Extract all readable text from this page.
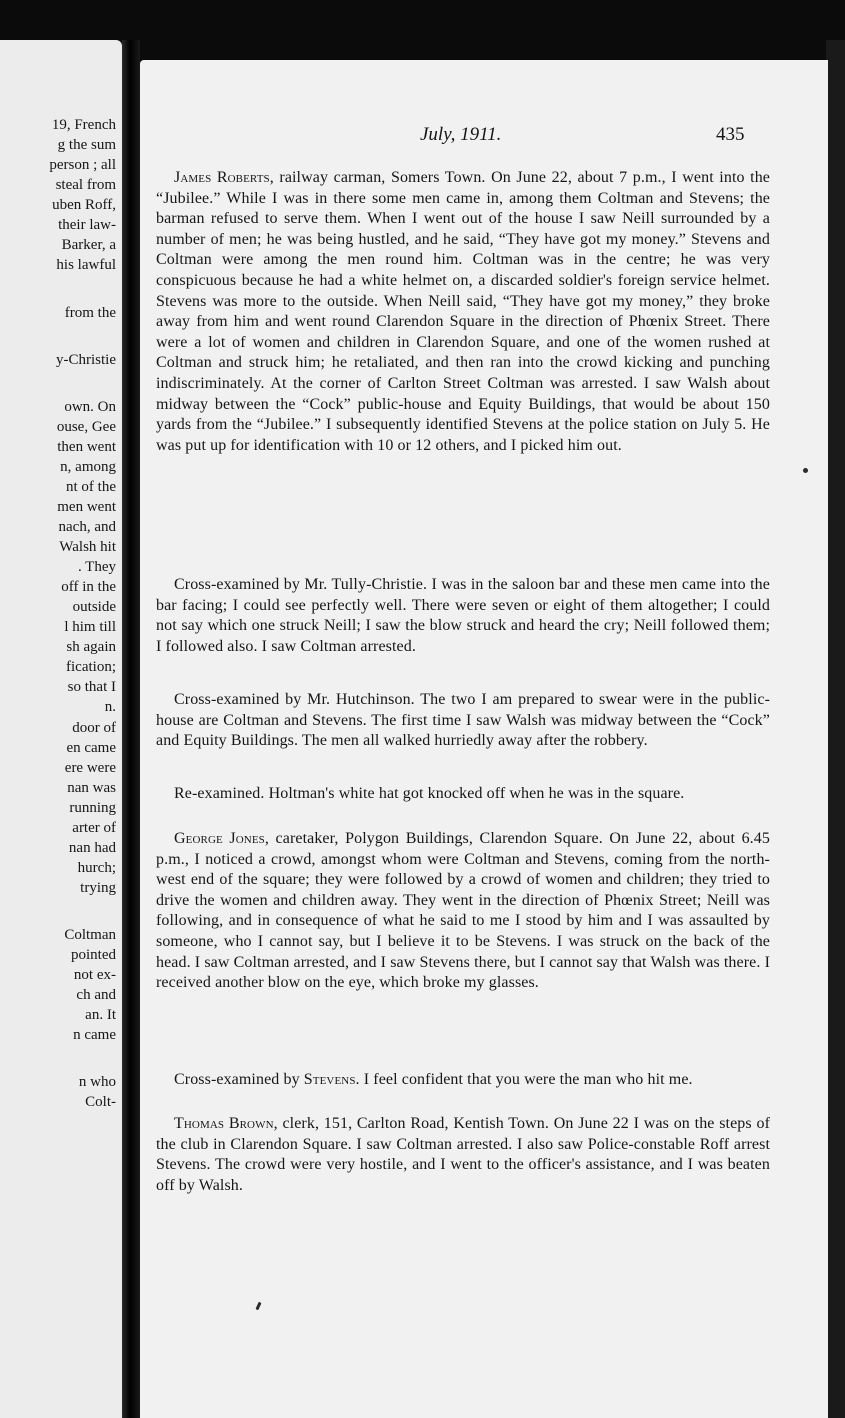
19, French
g the sum
person ; all
steal from
uben Roff,
their law-
Barker, a
his lawful
from the
y-Christie
own. On
ouse, Gee
then went
n, among
nt of the
men went
nach, and
Walsh hit
. They
off in the
outside
l him till
sh again
fication;
so that I
n.
door of
en came
ere were
nan was
running
arter of
nan had
hurch;
trying
Coltman
pointed
not ex-
ch and
an. It
n came
n who
Colt-
July, 1911.	435
James Roberts, railway carman, Somers Town. On June 22, about 7 p.m., I went into the “Jubilee.” While I was in there some men came in, among them Coltman and Stevens; the barman refused to serve them. When I went out of the house I saw Neill surrounded by a number of men; he was being hustled, and he said, “They have got my money.” Stevens and Coltman were among the men round him. Coltman was in the centre; he was very conspicuous because he had a white helmet on, a discarded soldier's foreign service helmet. Stevens was more to the outside. When Neill said, “They have got my money,” they broke away from him and went round Clarendon Square in the direction of Phœnix Street. There were a lot of women and children in Clarendon Square, and one of the women rushed at Coltman and struck him; he retaliated, and then ran into the crowd kicking and punching indiscriminately. At the corner of Carlton Street Coltman was arrested. I saw Walsh about midway between the “Cock” public-house and Equity Buildings, that would be about 150 yards from the “Jubilee.” I subsequently identified Stevens at the police station on July 5. He was put up for identification with 10 or 12 others, and I picked him out.
Cross-examined by Mr. Tully-Christie. I was in the saloon bar and these men came into the bar facing; I could see perfectly well. There were seven or eight of them altogether; I could not say which one struck Neill; I saw the blow struck and heard the cry; Neill followed them; I followed also. I saw Coltman arrested.
Cross-examined by Mr. Hutchinson. The two I am prepared to swear were in the public-house are Coltman and Stevens. The first time I saw Walsh was midway between the “Cock” and Equity Buildings. The men all walked hurriedly away after the robbery.
Re-examined. Holtman's white hat got knocked off when he was in the square.
George Jones, caretaker, Polygon Buildings, Clarendon Square. On June 22, about 6.45 p.m., I noticed a crowd, amongst whom were Coltman and Stevens, coming from the north-west end of the square; they were followed by a crowd of women and children; they tried to drive the women and children away. They went in the direction of Phœnix Street; Neill was following, and in consequence of what he said to me I stood by him and I was assaulted by someone, who I cannot say, but I believe it to be Stevens. I was struck on the back of the head. I saw Coltman arrested, and I saw Stevens there, but I cannot say that Walsh was there. I received another blow on the eye, which broke my glasses.
Cross-examined by Stevens. I feel confident that you were the man who hit me.
Thomas Brown, clerk, 151, Carlton Road, Kentish Town. On June 22 I was on the steps of the club in Clarendon Square. I saw Coltman arrested. I also saw Police-constable Roff arrest Stevens. The crowd were very hostile, and I went to the officer's assistance, and I was beaten off by Walsh.
